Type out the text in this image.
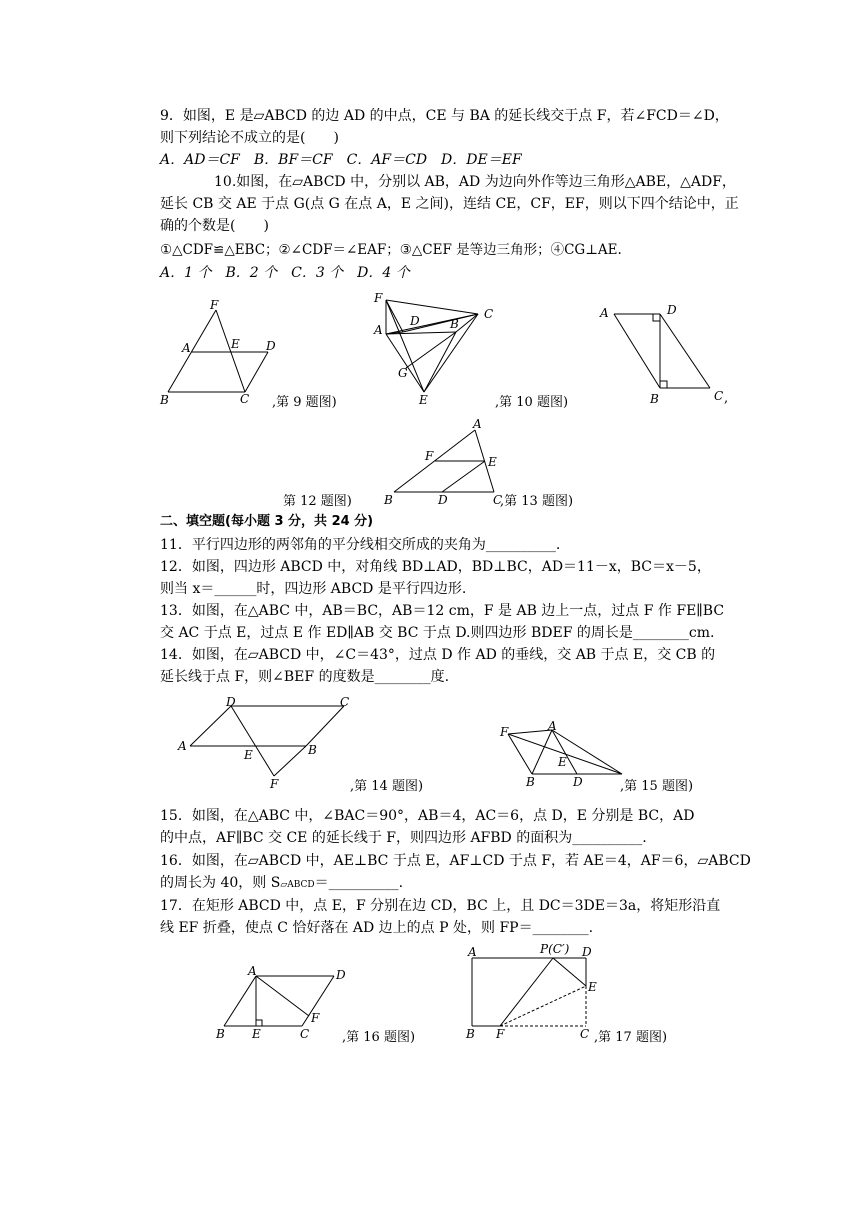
9．如图，E 是▱ABCD 的边 AD 的中点，CE 与 BA 的延长线交于点 F，若∠FCD＝∠D，
则下列结论不成立的是(　　)
A．AD＝CF　B．BF＝CF　C．AF＝CD　D．DE＝EF
10.如图，在▱ABCD 中，分别以 AB，AD 为边向外作等边三角形△ABE，△ADF，
延长 CB 交 AE 于点 G(点 G 在点 A，E 之间)，连结 CE，CF，EF，则以下四个结论中，正
确的个数是(　　)
①△CDF≌△EBC；②∠CDF＝∠EAF；③△CEF 是等边三角形；④CG⊥AE.
A．1 个　B．2 个　C．3 个　D．4 个
F
A	E D
B	C ,第 9 题图)
F
A
D	B
C
G
E	,第 10 题图)
A	D
B	C ,
A
F	E
B	D	C
第 12 题图)	,第 13 题图)
二、填空题(每小题 3 分，共 24 分)
11．平行四边形的两邻角的平分线相交所成的夹角为__________.
12．如图，四边形 ABCD 中，对角线 BD⊥AD，BD⊥BC，AD＝11－x，BC＝x－5，
则当 x＝______时，四边形 ABCD 是平行四边形.
13．如图，在△ABC 中，AB＝BC，AB＝12 cm，F 是 AB 边上一点，过点 F 作 FE∥BC
交 AC 于点 E，过点 E 作 ED∥AB 交 BC 于点 D.则四边形 BDEF 的周长是________cm.
14．如图，在▱ABCD 中，∠C＝43°，过点 D 作 AD 的垂线，交 AB 于点 E，交 CB 的
延长线于点 F，则∠BEF 的度数是________度.
D	C
A	B
E
F	,第 14 题图)
F	A
E
B	D	,第 15 题图)
15．如图，在△ABC 中，∠BAC＝90°，AB＝4，AC＝6，点 D，E 分别是 BC，AD
的中点，AF∥BC 交 CE 的延长线于 F，则四边形 AFBD 的面积为__________.
16．如图，在▱ABCD 中，AE⊥BC 于点 E，AF⊥CD 于点 F，若 AE＝4，AF＝6，▱ABCD
的周长为 40，则 S▱ABCD＝__________.
17．在矩形 ABCD 中，点 E，F 分别在边 CD，BC 上，且 DC＝3DE＝3a，将矩形沿直
线 EF 折叠，使点 C 恰好落在 AD 边上的点 P 处，则 FP＝________.
A	D
F
B E	C	,第 16 题图)
A	P(C′) D
E
B F	C ,第 17 题图)
